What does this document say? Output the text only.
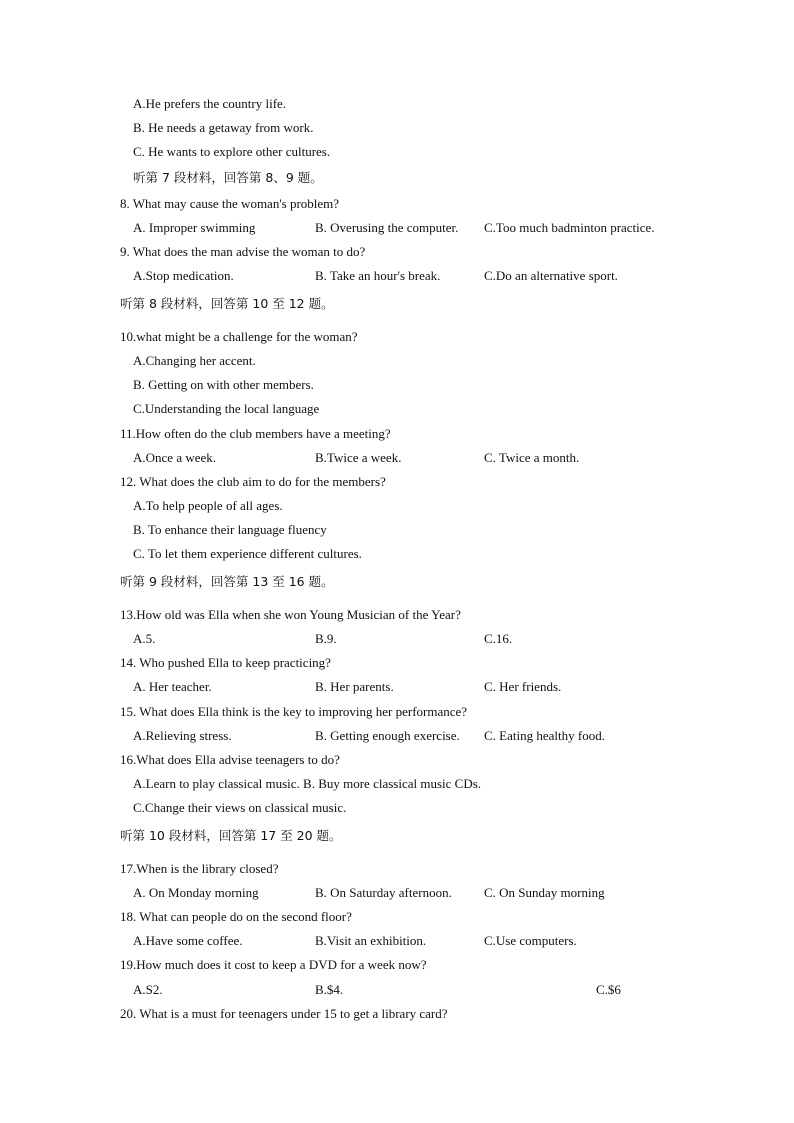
A.He prefers the country life.
B. He needs a getaway from work.
C. He wants to explore other cultures.
听第 7 段材料，回答第 8、9 题。
8. What may cause the woman's problem?
A. Improper swimming	B. Overusing the computer. C.Too much badminton practice.
9. What does the man advise the woman to do?
A.Stop medication.	B. Take an hour's break.	C.Do an alternative sport.
听第 8 段材料，回答第 10 至 12 题。
10.what might be a challenge for the woman?
A.Changing her accent.
B. Getting on with other members.
C.Understanding the local language
11.How often do the club members have a meeting?
A.Once a week.	B.Twice a week.	C. Twice a month.
12. What does the club aim to do for the members?
A.To help people of all ages.
B. To enhance their language fluency
C. To let them experience different cultures.
听第 9 段材料，回答第 13 至 16 题。
13.How old was Ella when she won Young Musician of the Year?
A.5.	B.9.	C.16.
14. Who pushed Ella to keep practicing?
A. Her teacher.	B. Her parents.	C. Her friends.
15. What does Ella think is the key to improving her performance?
A.Relieving stress.	B. Getting enough exercise. C. Eating healthy food.
16.What does Ella advise teenagers to do?
A.Learn to play classical music. B. Buy more classical music CDs.
C.Change their views on classical music.
听第 10 段材料，回答第 17 至 20 题。
17.When is the library closed?
A. On Monday morning	B. On Saturday afternoon. C. On Sunday morning
18. What can people do on the second floor?
A.Have some coffee.	B.Visit an exhibition.	C.Use computers.
19.How much does it cost to keep a DVD for a week now?
A.S2.	B.$4.	C.$6
20. What is a must for teenagers under 15 to get a library card?
